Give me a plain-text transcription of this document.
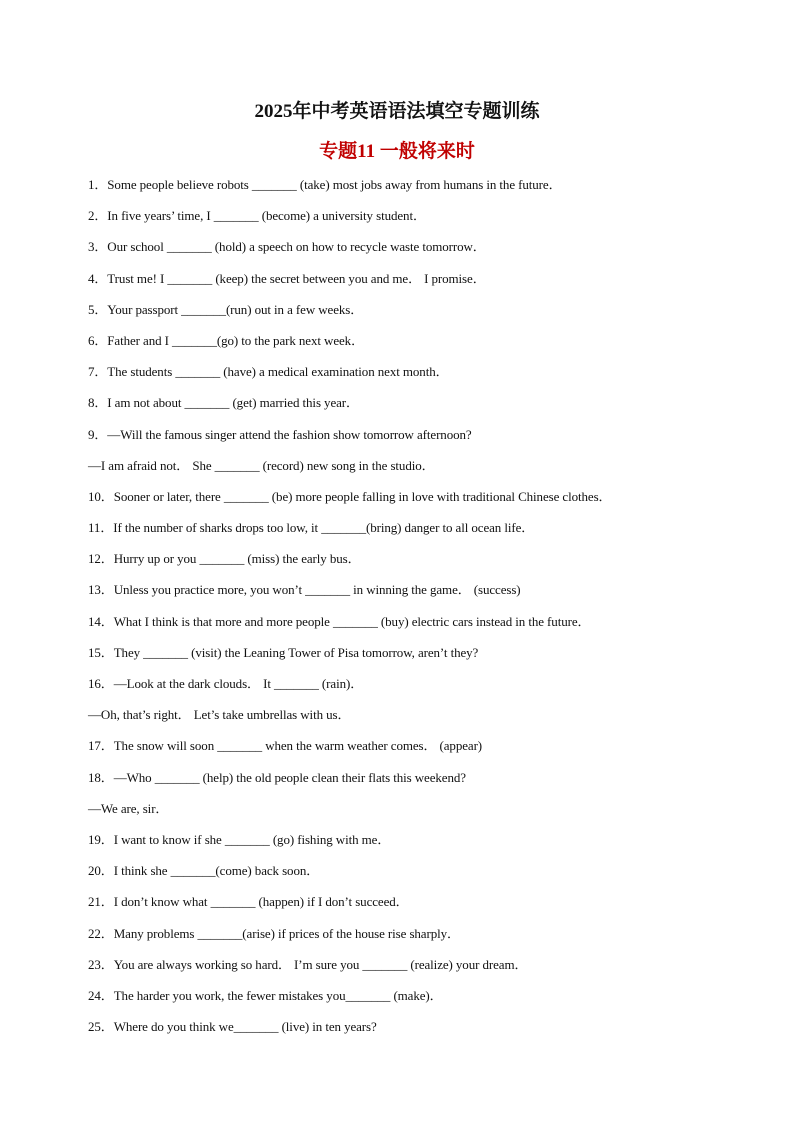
2025年中考英语语法填空专题训练
专题11 一般将来时
1．Some people believe robots _______ (take) most jobs away from humans in the future．
2．In five years’ time, I _______ (become) a university student．
3．Our school _______ (hold) a speech on how to recycle waste tomorrow．
4．Trust me! I _______ (keep) the secret between you and me． I promise．
5．Your passport _______(run) out in a few weeks．
6．Father and I _______(go) to the park next week．
7．The students _______ (have) a medical examination next month．
8．I am not about _______ (get) married this year．
9．—Will the famous singer attend the fashion show tomorrow afternoon?
—I am afraid not． She _______ (record) new song in the studio．
10．Sooner or later, there _______ (be) more people falling in love with traditional Chinese clothes．
11．If the number of sharks drops too low, it _______(bring) danger to all ocean life．
12．Hurry up or you _______ (miss) the early bus．
13．Unless you practice more, you won’t _______ in winning the game． (success)
14．What I think is that more and more people _______ (buy) electric cars instead in the future．
15．They _______ (visit) the Leaning Tower of Pisa tomorrow, aren’t they?
16．—Look at the dark clouds． It _______ (rain)．
—Oh, that’s right． Let’s take umbrellas with us．
17．The snow will soon _______ when the warm weather comes． (appear)
18．—Who _______ (help) the old people clean their flats this weekend?
—We are, sir．
19．I want to know if she _______ (go) fishing with me．
20．I think she _______(come) back soon．
21．I don’t know what _______ (happen) if I don’t succeed．
22．Many problems _______(arise) if prices of the house rise sharply．
23．You are always working so hard． I’m sure you _______ (realize) your dream．
24．The harder you work, the fewer mistakes you_______ (make)．
25．Where do you think we_______ (live) in ten years?
